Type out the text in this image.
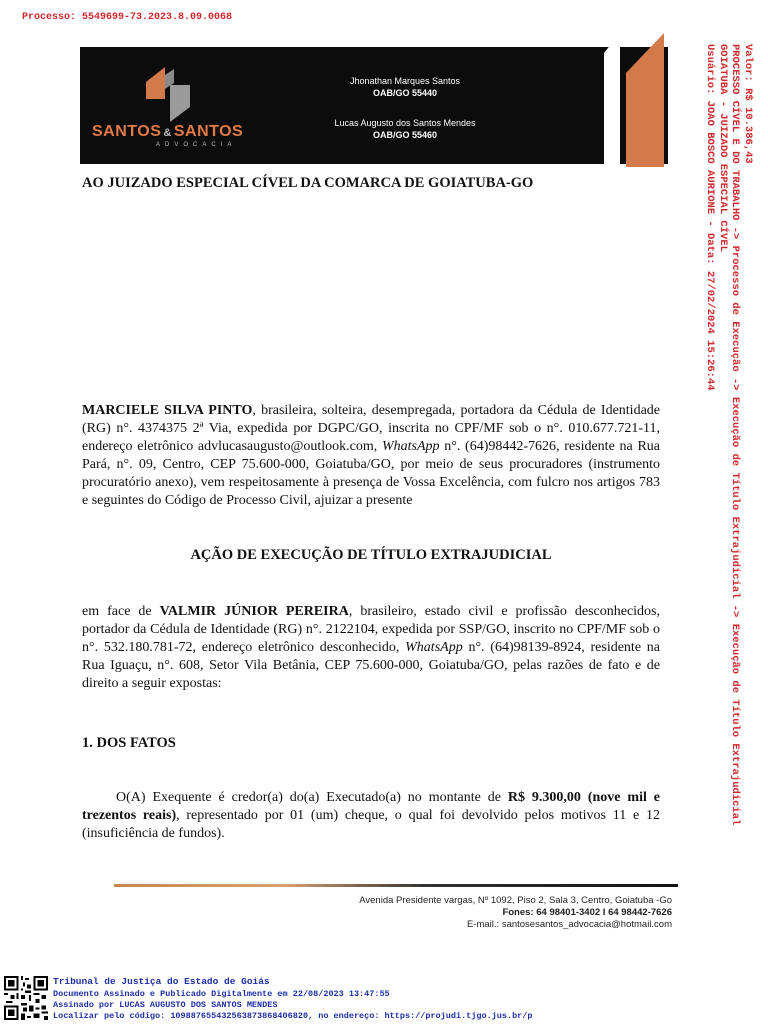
Processo: 5549699-73.2023.8.09.0068
SANTOS & SANTOS
ADVOCACIA
Jhonathan Marques Santos
OAB/GO 55440
Lucas Augusto dos Santos Mendes
OAB/GO 55460	Valor: R$ 10.386,43
PROCESSO CÍVEL E DO TRABALHO -> Processo de Execução -> Execução de Título Extrajudicial -> Execução de Título Extrajudicial
GOIATUBA - JUIZADO ESPECIAL CÍVEL
Usuário: JOAO BOSCO AURIONE - Data: 27/02/2024 15:26:44
AO JUIZADO ESPECIAL CÍVEL DA COMARCA DE GOIATUBA-GO
MARCIELE SILVA PINTO, brasileira, solteira, desempregada, portadora da Cédula de Identidade (RG) n°. 4374375 2ª Via, expedida por DGPC/GO, inscrita no CPF/MF sob o n°. 010.677.721-11, endereço eletrônico advlucasaugusto@outlook.com, WhatsApp n°. (64)98442-7626, residente na Rua Pará, n°. 09, Centro, CEP 75.600-000, Goiatuba/GO, por meio de seus procuradores (instrumento procuratório anexo), vem respeitosamente à presença de Vossa Excelência, com fulcro nos artigos 783 e seguintes do Código de Processo Civil, ajuizar a presente
AÇÃO DE EXECUÇÃO DE TÍTULO EXTRAJUDICIAL
em face de VALMIR JÚNIOR PEREIRA, brasileiro, estado civil e profissão desconhecidos, portador da Cédula de Identidade (RG) n°. 2122104, expedida por SSP/GO, inscrito no CPF/MF sob o n°. 532.180.781-72, endereço eletrônico desconhecido, WhatsApp n°. (64)98139-8924, residente na Rua Iguaçu, n°. 608, Setor Vila Betânia, CEP 75.600-000, Goiatuba/GO, pelas razões de fato e de direito a seguir expostas:
1. DOS FATOS
O(A) Exequente é credor(a) do(a) Executado(a) no montante de R$ 9.300,00 (nove mil e trezentos reais), representado por 01 (um) cheque, o qual foi devolvido pelos motivos 11 e 12 (insuficiência de fundos).
Avenida Presidente vargas, Nº 1092, Piso 2, Sala 3, Centro, Goiatuba -Go
Fones: 64 98401-3402 I 64 98442-7626
E-mail.: santosesantos_advocacia@hotmail.com
Tribunal de Justiça do Estado de Goiás
Documento Assinado e Publicado Digitalmente em 22/08/2023 13:47:55
Assinado por LUCAS AUGUSTO DOS SANTOS MENDES
Localizar pelo código: 109887655432563873868406820, no endereço: https://projudi.tjgo.jus.br/p
